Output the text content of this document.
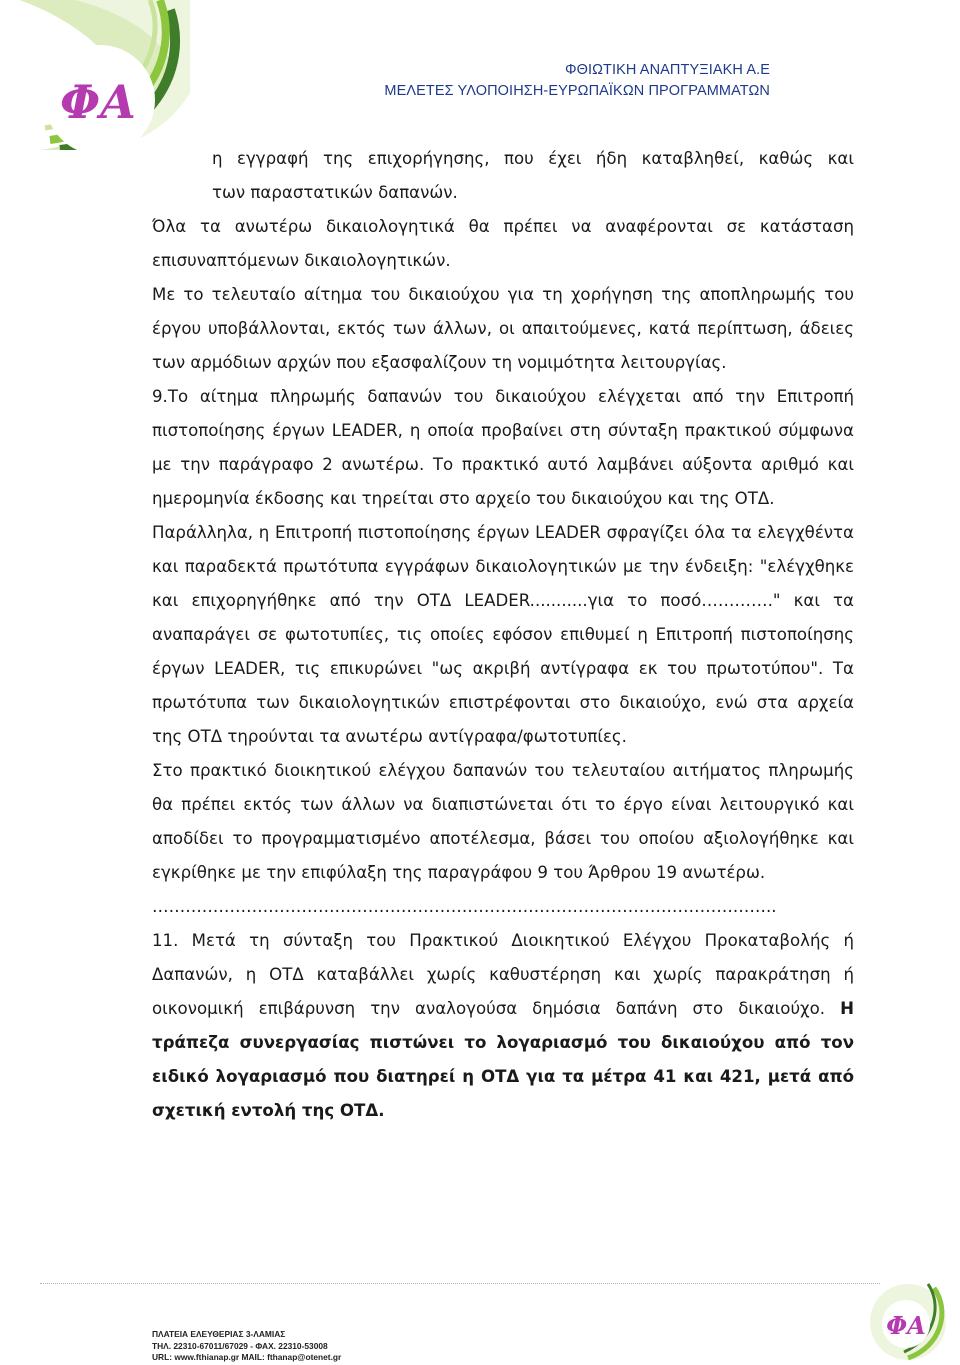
ΦΑ
ΦΘΙΩΤΙΚΗ ΑΝΑΠΤΥΞΙΑΚΗ Α.Ε
ΜΕΛΕΤΕΣ ΥΛΟΠΟΙΗΣΗ-ΕΥΡΩΠΑΪΚΩΝ ΠΡΟΓΡΑΜΜΑΤΩΝ

η εγγραφή της επιχορήγησης, που έχει ήδη καταβληθεί, καθώς και

των παραστατικών δαπανών.

Όλα τα ανωτέρω δικαιολογητικά θα πρέπει να αναφέρονται σε κατάσταση επισυναπτόμενων δικαιολογητικών.

Με το τελευταίο αίτημα του δικαιούχου για τη χορήγηση της αποπληρωμής του έργου υποβάλλονται, εκτός των άλλων, οι απαιτούμενες, κατά περίπτωση, άδειες των αρμόδιων αρχών που εξασφαλίζουν τη νομιμότητα λειτουργίας.

9.Το αίτημα πληρωμής δαπανών του δικαιούχου ελέγχεται από την Επιτροπή πιστοποίησης έργων LEADER, η οποία προβαίνει στη σύνταξη πρακτικού σύμφωνα με την παράγραφο 2 ανωτέρω. Το πρακτικό αυτό λαμβάνει αύξοντα αριθμό και ημερομηνία έκδοσης και τηρείται στο αρχείο του δικαιούχου και της ΟΤΔ.

Παράλληλα, η Επιτροπή πιστοποίησης έργων LEADER σφραγίζει όλα τα ελεγχθέντα και παραδεκτά πρωτότυπα εγγράφων δικαιολογητικών με την ένδειξη: "ελέγχθηκε και επιχορηγήθηκε από την ΟΤΔ LEADER...........για το ποσό…………." και τα αναπαράγει σε φωτοτυπίες, τις οποίες εφόσον επιθυμεί η Επιτροπή πιστοποίησης έργων LEADER, τις επικυρώνει "ως ακριβή αντίγραφα εκ του πρωτοτύπου". Τα πρωτότυπα των δικαιολογητικών επιστρέφονται στο δικαιούχο, ενώ στα αρχεία της ΟΤΔ τηρούνται τα ανωτέρω αντίγραφα/φωτοτυπίες.

Στο πρακτικό διοικητικού ελέγχου δαπανών του τελευταίου αιτήματος πληρωμής θα πρέπει εκτός των άλλων να διαπιστώνεται ότι το έργο είναι λειτουργικό και αποδίδει το προγραμματισμένο αποτέλεσμα, βάσει του οποίου αξιολογήθηκε και εγκρίθηκε με την επιφύλαξη της παραγράφου 9 του Άρθρου 19 ανωτέρω.

…………………………………………………………………………………………………..

11. Μετά τη σύνταξη του Πρακτικού Διοικητικού Ελέγχου Προκαταβολής ή Δαπανών, η ΟΤΔ καταβάλλει χωρίς καθυστέρηση και χωρίς παρακράτηση ή οικονομική επιβάρυνση την αναλογούσα δημόσια δαπάνη στο δικαιούχο. Η τράπεζα συνεργασίας πιστώνει το λογαριασμό του δικαιούχου από τον ειδικό λογαριασμό που διατηρεί η ΟΤΔ για τα μέτρα 41 και 421, μετά από σχετική εντολή της ΟΤΔ.

ΠΛΑΤΕΙΑ ΕΛΕΥΘΕΡΙΑΣ 3-ΛΑΜΙΑΣ
ΤΗΛ. 22310-67011/67029 - ΦΑΧ. 22310-53008
URL: www.fthianap.gr MAIL: fthanap@otenet.gr
ΦΑ
